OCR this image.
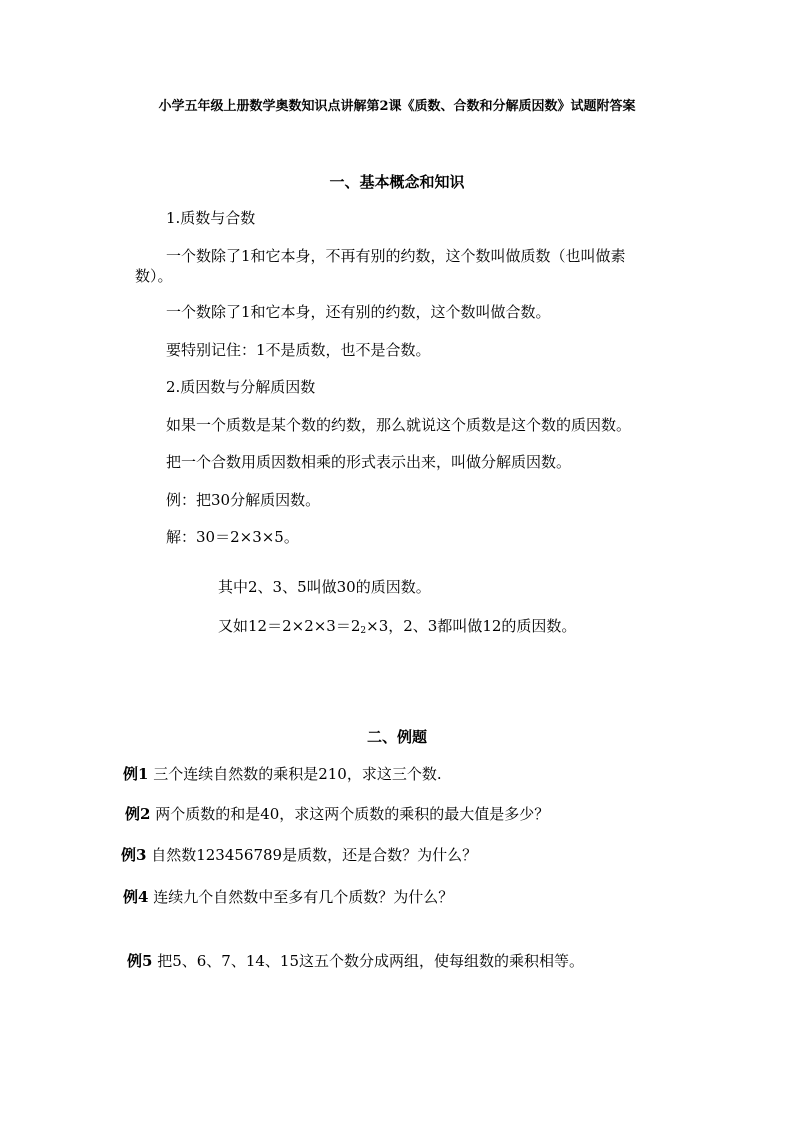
小学五年级上册数学奥数知识点讲解第2课《质数、合数和分解质因数》试题附答案
一、基本概念和知识
1.质数与合数
一个数除了1和它本身，不再有别的约数，这个数叫做质数（也叫做素
数）。
一个数除了1和它本身，还有别的约数，这个数叫做合数。
要特别记住：1不是质数，也不是合数。
2.质因数与分解质因数
如果一个质数是某个数的约数，那么就说这个质数是这个数的质因数。
把一个合数用质因数相乘的形式表示出来，叫做分解质因数。
例：把30分解质因数。
解：30＝2×3×5。
其中2、3、5叫做30的质因数。
又如$12=2\times 2\times 3=2_2\times 3$，2、3都叫做12的质因数。
二、例题
例1 三个连续自然数的乘积是210，求这三个数.
例2 两个质数的和是40，求这两个质数的乘积的最大值是多少？
例3 自然数123456789是质数，还是合数？为什么？
例4 连续九个自然数中至多有几个质数？为什么？
例5 把5、6、7、14、15这五个数分成两组，使每组数的乘积相等。
